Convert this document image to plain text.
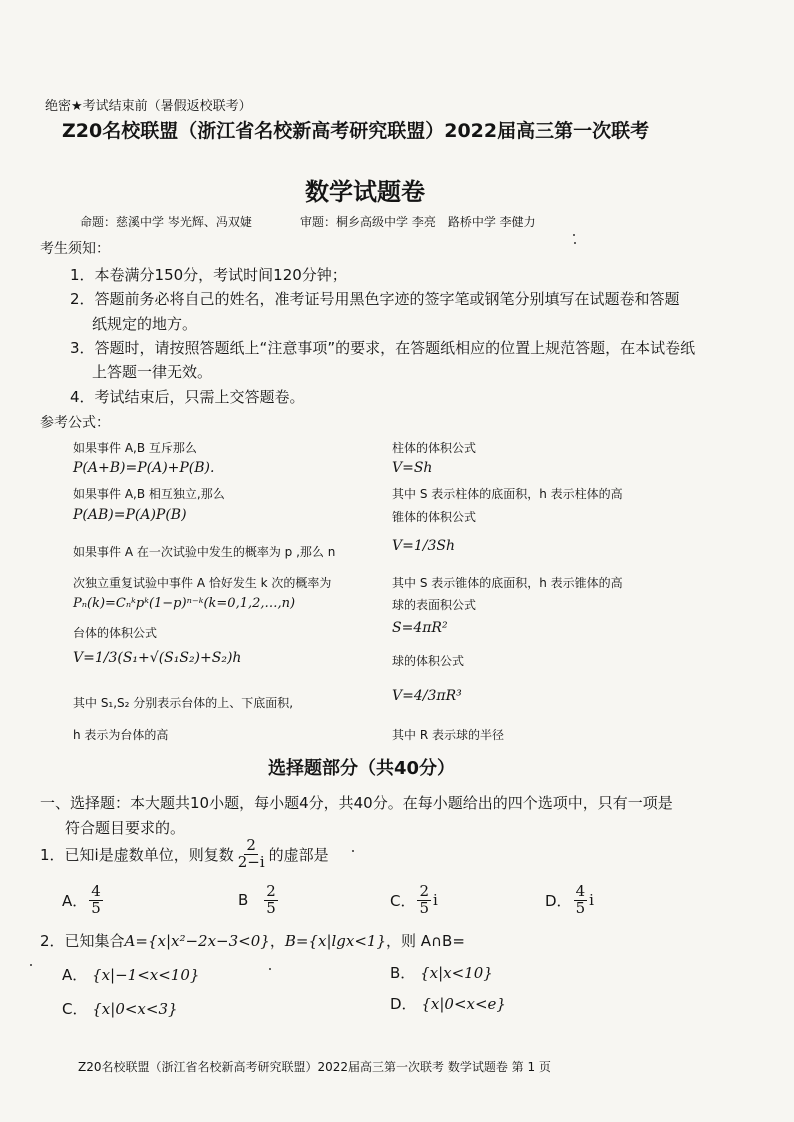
绝密★考试结束前（暑假返校联考）
Z20名校联盟（浙江省名校新高考研究联盟）2022届高三第一次联考
数学试题卷
命题：慈溪中学 岑光辉、冯双婕	审题：桐乡高级中学 李亮　路桥中学 李健力
考生须知：
1．本卷满分150分，考试时间120分钟；
2．答题前务必将自己的姓名，准考证号用黑色字迹的签字笔或钢笔分别填写在试题卷和答题
纸规定的地方。
3．答题时，请按照答题纸上“注意事项”的要求，在答题纸相应的位置上规范答题，在本试卷纸
上答题一律无效。
4．考试结束后，只需上交答题卷。
参考公式：
如果事件 A,B 互斥那么
P(A+B)=P(A)+P(B).
如果事件 A,B 相互独立,那么
P(AB)=P(A)P(B)
如果事件 A 在一次试验中发生的概率为 p ,那么 n
次独立重复试验中事件 A 恰好发生 k 次的概率为
Pₙ(k)=Cₙᵏpᵏ(1−p)ⁿ⁻ᵏ(k=0,1,2,…,n)
台体的体积公式
V=1/3(S₁+√(S₁S₂)+S₂)h
其中 S₁,S₂ 分别表示台体的上、下底面积,
h 表示为台体的高
柱体的体积公式
V=Sh
其中 S 表示柱体的底面积，h 表示柱体的高
锥体的体积公式
V=1/3Sh
其中 S 表示锥体的底面积，h 表示锥体的高
球的表面积公式
S=4πR²
球的体积公式
V=4/3πR³
其中 R 表示球的半径
选择题部分（共40分）
一、选择题：本大题共10小题，每小题4分，共40分。在每小题给出的四个选项中，只有一项是
符合题目要求的。
1．已知i是虚数单位，则复数 $\frac{2}{2-i}$ 的虚部是
A． $\frac{4}{5}$	B $\frac{2}{5}$	C． $\frac{2}{5}$ i	D． $\frac{4}{5}$ i
2．已知集合 A={x|x²−2x−3<0} ， B={x|lgx<1} ，则 A∩B=
A． {x|−1<x<10}	B． {x|x<10}
C． {x|0<x<3}	D． {x|0<x<e}
Z20名校联盟（浙江省名校新高考研究联盟）2022届高三第一次联考 数学试题卷 第 1 页
